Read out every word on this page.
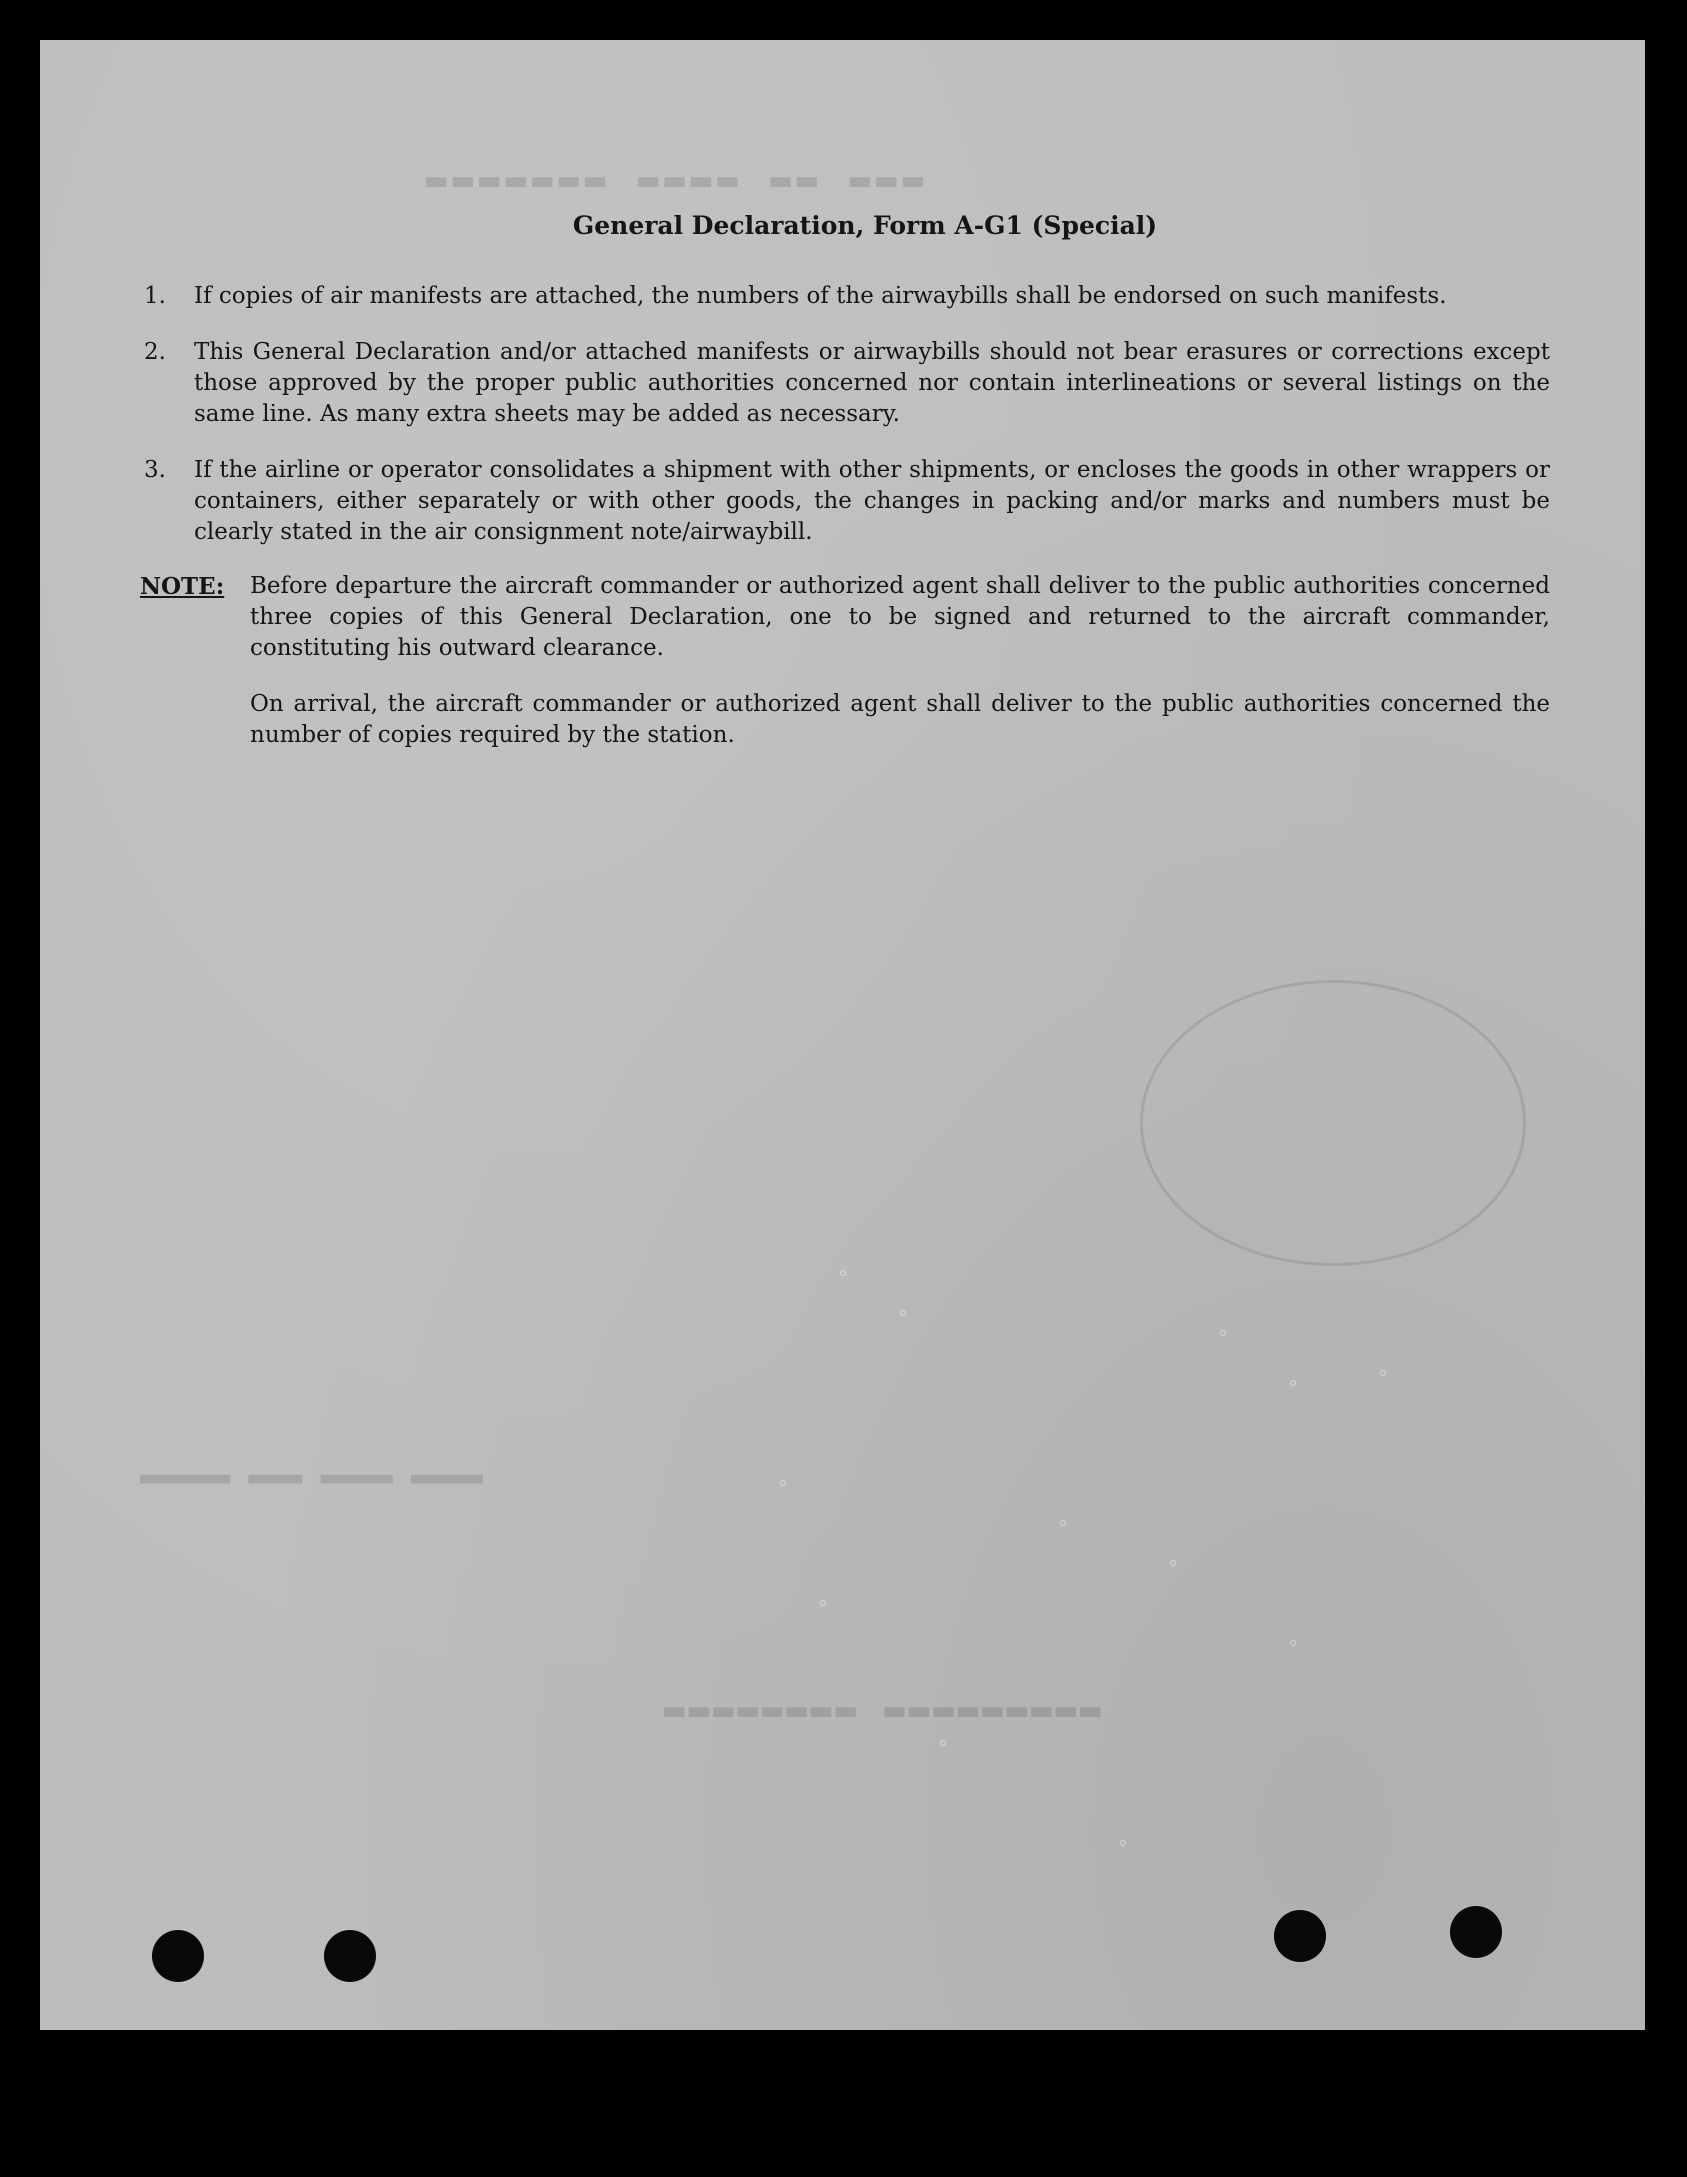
▬▬▬ ▬▬ ▬▬▬▬ ▬▬▬▬▬▬▬
▬▬▬▬ ▬▬▬▬ ▬▬▬ ▬▬▬▬▬
▬▬▬▬▬▬▬▬▬ ▬▬▬▬▬▬▬▬
General Declaration, Form A-G1 (Special)
1.	If copies of air manifests are attached, the numbers of the airwaybills shall be endorsed on such manifests.
2.	This General Declaration and/or attached manifests or airwaybills should not bear erasures or corrections except those approved by the proper public authorities concerned nor contain interlineations or several listings on the same line. As many extra sheets may be added as necessary.
3.	If the airline or operator consolidates a shipment with other shipments, or encloses the goods in other wrappers or containers, either separately or with other goods, the changes in packing and/or marks and numbers must be clearly stated in the air consignment note/airwaybill.
NOTE:	Before departure the aircraft commander or authorized agent shall deliver to the public authorities concerned three copies of this General Declaration, one to be signed and returned to the aircraft commander, constituting his outward clearance.

On arrival, the aircraft commander or authorized agent shall deliver to the public authorities concerned the number of copies required by the station.
